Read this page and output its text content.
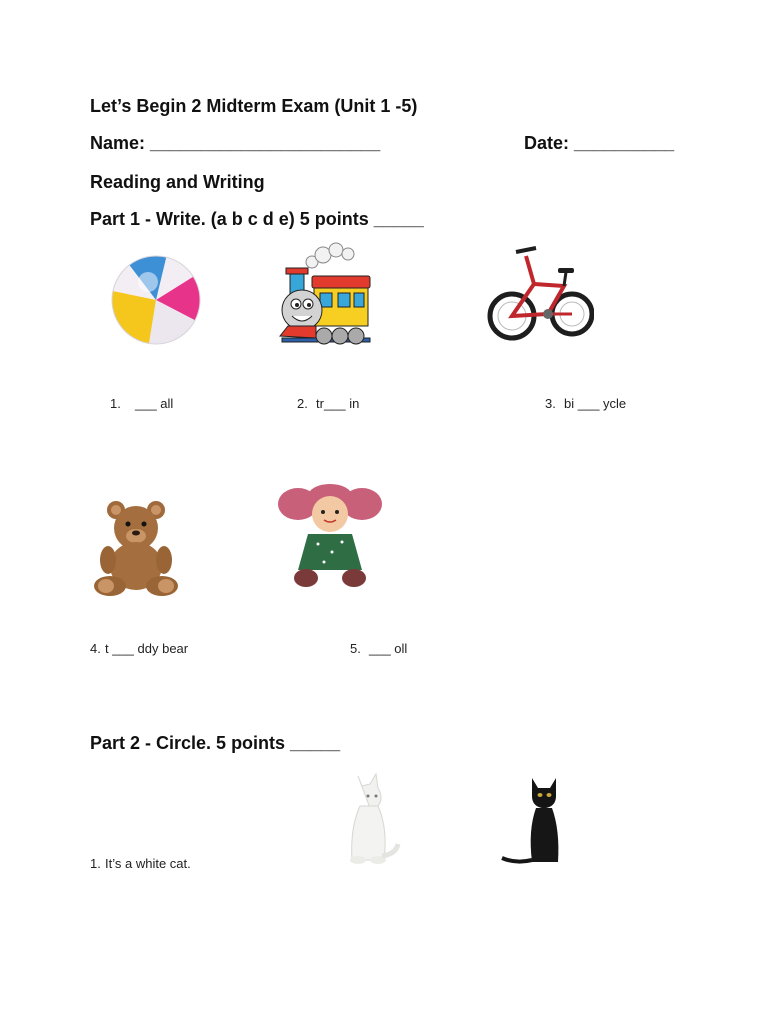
Let’s Begin 2 Midterm Exam (Unit 1 -5)
Name: _______________________	Date: __________
Reading and Writing
Part 1 - Write. (a b c d e) 5 points _____
1. ___ all	2. tr___ in	3. bi ___ ycle
4. t ___ ddy bear	5. ___ oll
Part 2 - Circle. 5 points _____
1. It’s a white cat.
